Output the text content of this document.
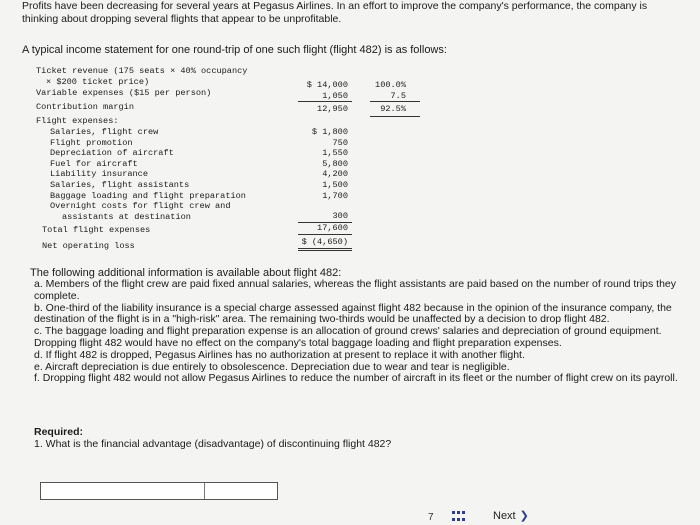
Profits have been decreasing for several years at Pegasus Airlines. In an effort to improve the company's performance, the company is
thinking about dropping several flights that appear to be unprofitable.
A typical income statement for one round-trip of one such flight (flight 482) is as follows:
Ticket revenue (175 seats × 40% occupancy
× $200 ticket price)	$ 14,000	100.0%
Variable expenses ($15 per person)	1,050	7.5
Contribution margin	12,950	92.5%
Flight expenses:
Salaries, flight crew	$ 1,800
Flight promotion	750
Depreciation of aircraft	1,550
Fuel for aircraft	5,800
Liability insurance	4,200
Salaries, flight assistants	1,500
Baggage loading and flight preparation	1,700
Overnight costs for flight crew and
assistants at destination	300
Total flight expenses	17,600
Net operating loss	$ (4,650)
The following additional information is available about flight 482:

a. Members of the flight crew are paid fixed annual salaries, whereas the flight assistants are paid based on the number of round trips they complete.

b. One-third of the liability insurance is a special charge assessed against flight 482 because in the opinion of the insurance company, the destination of the flight is in a "high-risk" area. The remaining two-thirds would be unaffected by a decision to drop flight 482.

c. The baggage loading and flight preparation expense is an allocation of ground crews' salaries and depreciation of ground equipment. Dropping flight 482 would have no effect on the company's total baggage loading and flight preparation expenses.

d. If flight 482 is dropped, Pegasus Airlines has no authorization at present to replace it with another flight.

e. Aircraft depreciation is due entirely to obsolescence. Depreciation due to wear and tear is negligible.

f. Dropping flight 482 would not allow Pegasus Airlines to reduce the number of aircraft in its fleet or the number of flight crew on its payroll.

Required:
1. What is the financial advantage (disadvantage) of discontinuing flight 482?
7	Next ❯
